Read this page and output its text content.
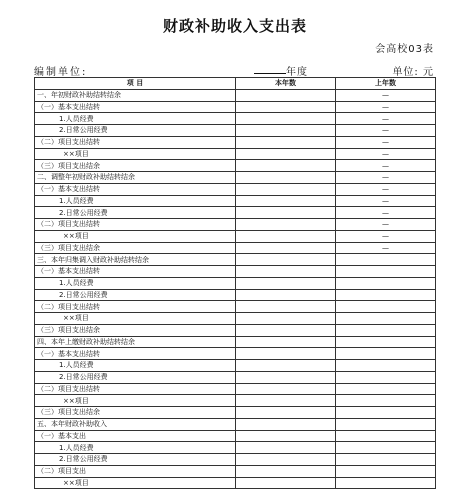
财政补助收入支出表
会高校03表
编制单位:	年度	单位: 元
项 目	本年数	上年数
一、年初财政补助结转结余		—
（一）基本支出结转		—
1.人员经费		—
2.日常公用经费		—
（二）项目支出结转		—
××项目		—
（三）项目支出结余		—
二、调整年初财政补助结转结余		—
（一）基本支出结转		—
1.人员经费		—
2.日常公用经费		—
（二）项目支出结转		—
××项目		—
（三）项目支出结余		—
三、本年归集调入财政补助结转结余		
（一）基本支出结转		
1.人员经费		
2.日常公用经费		
（二）项目支出结转		
××项目		
（三）项目支出结余		
四、本年上缴财政补助结转结余		
（一）基本支出结转		
1.人员经费		
2.日常公用经费		
（二）项目支出结转		
××项目		
（三）项目支出结余		
五、本年财政补助收入		
（一）基本支出		
1.人员经费		
2.日常公用经费		
（二）项目支出		
××项目		
